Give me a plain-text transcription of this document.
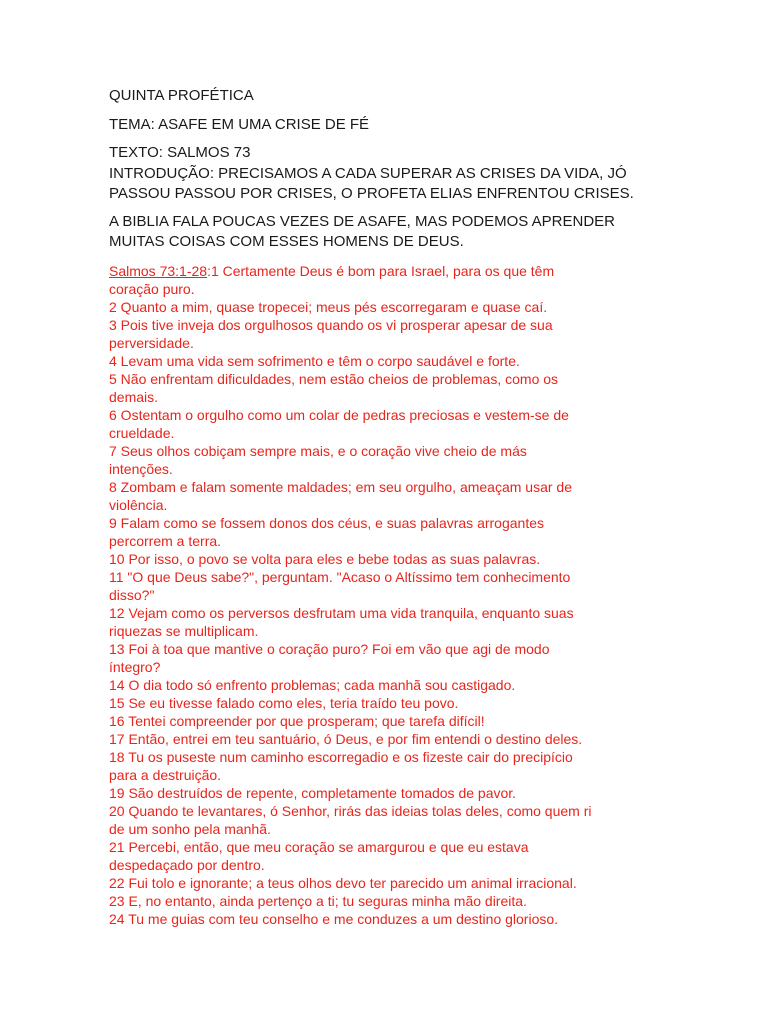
QUINTA PROFÉTICA

TEMA: ASAFE EM UMA CRISE DE FÉ

TEXTO: SALMOS 73

INTRODUÇÃO: PRECISAMOS A CADA SUPERAR AS CRISES DA VIDA, JÓ
PASSOU PASSOU POR CRISES, O PROFETA ELIAS ENFRENTOU CRISES.
A BIBLIA FALA POUCAS VEZES DE ASAFE, MAS PODEMOS APRENDER
MUITAS COISAS COM ESSES HOMENS DE DEUS.
Salmos 73:1-28:1 Certamente Deus é bom para Israel, para os que têm
coração puro.
2 Quanto a mim, quase tropecei; meus pés escorregaram e quase caí.
3 Pois tive inveja dos orgulhosos quando os vi prosperar apesar de sua
perversidade.
4 Levam uma vida sem sofrimento e têm o corpo saudável e forte.
5 Não enfrentam dificuldades, nem estão cheios de problemas, como os
demais.
6 Ostentam o orgulho como um colar de pedras preciosas e vestem-se de
crueldade.
7 Seus olhos cobiçam sempre mais, e o coração vive cheio de más
intenções.
8 Zombam e falam somente maldades; em seu orgulho, ameaçam usar de
violência.
9 Falam como se fossem donos dos céus, e suas palavras arrogantes
percorrem a terra.
10 Por isso, o povo se volta para eles e bebe todas as suas palavras.
11 "O que Deus sabe?", perguntam. "Acaso o Altíssimo tem conhecimento
disso?"
12 Vejam como os perversos desfrutam uma vida tranquila, enquanto suas
riquezas se multiplicam.
13 Foi à toa que mantive o coração puro? Foi em vão que agi de modo
íntegro?
14 O dia todo só enfrento problemas; cada manhã sou castigado.
15 Se eu tivesse falado como eles, teria traído teu povo.
16 Tentei compreender por que prosperam; que tarefa difícil!
17 Então, entrei em teu santuário, ó Deus, e por fim entendi o destino deles.
18 Tu os puseste num caminho escorregadio e os fizeste cair do precipício
para a destruição.
19 São destruídos de repente, completamente tomados de pavor.
20 Quando te levantares, ó Senhor, rirás das ideias tolas deles, como quem ri
de um sonho pela manhã.
21 Percebi, então, que meu coração se amargurou e que eu estava
despedaçado por dentro.
22 Fui tolo e ignorante; a teus olhos devo ter parecido um animal irracional.
23 E, no entanto, ainda pertenço a ti; tu seguras minha mão direita.
24 Tu me guias com teu conselho e me conduzes a um destino glorioso.
